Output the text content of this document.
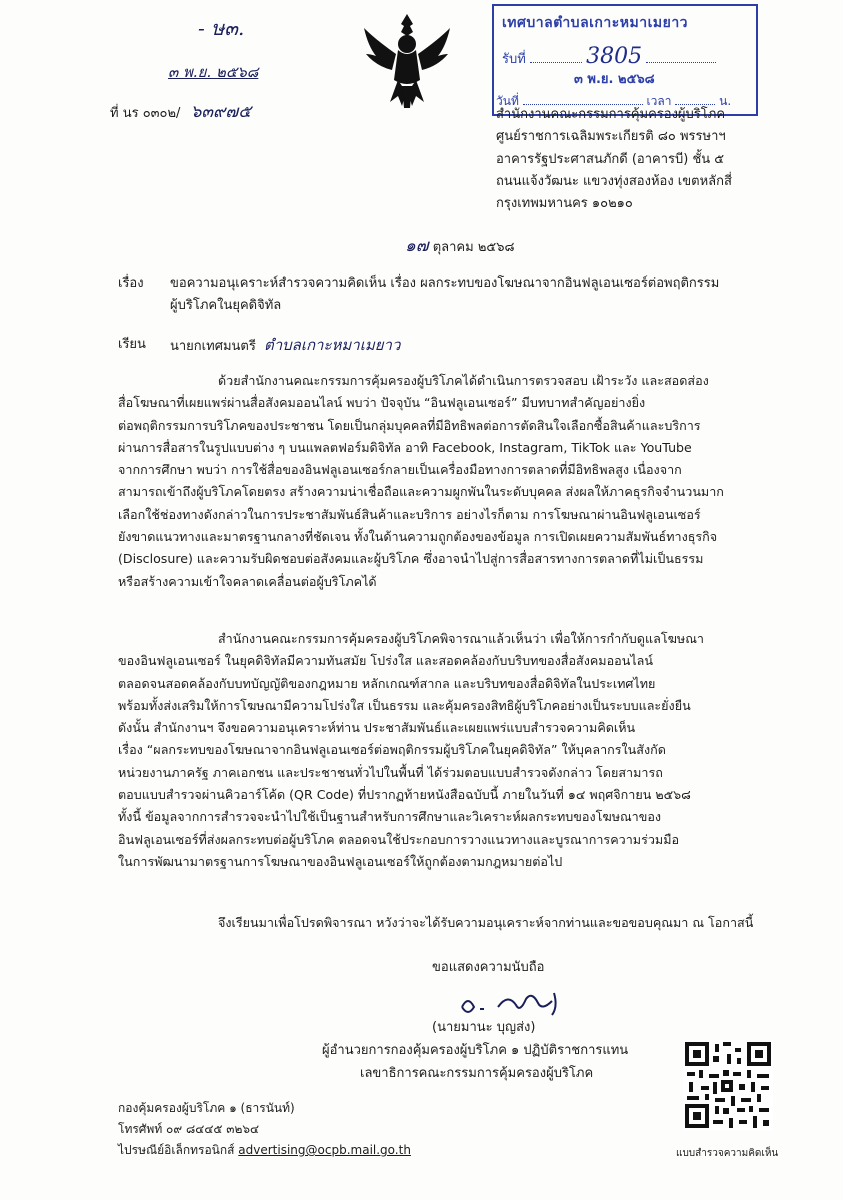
- ษ๓.
๓ พ.ย. ๒๕๖๘
ที่ นร ๐๓๐๒/ ๖๓๙๗๕
เทศบาลตำบลเกาะหมาเมยาว
รับที่	3805
๓ พ.ย. ๒๕๖๘
วันที่	เวลา	น.
สำนักงานคณะกรรมการคุ้มครองผู้บริโภค
ศูนย์ราชการเฉลิมพระเกียรติ ๘๐ พรรษาฯ
อาคารรัฐประศาสนภักดี (อาคารบี) ชั้น ๕
ถนนแจ้งวัฒนะ แขวงทุ่งสองห้อง เขตหลักสี่
กรุงเทพมหานคร ๑๐๒๑๐
๑๗ ตุลาคม ๒๕๖๘
เรื่อง	ขอความอนุเคราะห์สำรวจความคิดเห็น เรื่อง ผลกระทบของโฆษณาจากอินฟลูเอนเซอร์ต่อพฤติกรรม
ผู้บริโภคในยุคดิจิทัล
เรียน นายกเทศมนตรี ตำบลเกาะหมาเมยาว
ด้วยสำนักงานคณะกรรมการคุ้มครองผู้บริโภคได้ดำเนินการตรวจสอบ เฝ้าระวัง และสอดส่อง
สื่อโฆษณาที่เผยแพร่ผ่านสื่อสังคมออนไลน์ พบว่า ปัจจุบัน “อินฟลูเอนเซอร์” มีบทบาทสำคัญอย่างยิ่ง
ต่อพฤติกรรมการบริโภคของประชาชน โดยเป็นกลุ่มบุคคลที่มีอิทธิพลต่อการตัดสินใจเลือกซื้อสินค้าและบริการ
ผ่านการสื่อสารในรูปแบบต่าง ๆ บนแพลตฟอร์มดิจิทัล อาทิ Facebook, Instagram, TikTok และ YouTube
จากการศึกษา พบว่า การใช้สื่อของอินฟลูเอนเซอร์กลายเป็นเครื่องมือทางการตลาดที่มีอิทธิพลสูง เนื่องจาก
สามารถเข้าถึงผู้บริโภคโดยตรง สร้างความน่าเชื่อถือและความผูกพันในระดับบุคคล ส่งผลให้ภาคธุรกิจจำนวนมาก
เลือกใช้ช่องทางดังกล่าวในการประชาสัมพันธ์สินค้าและบริการ อย่างไรก็ตาม การโฆษณาผ่านอินฟลูเอนเซอร์
ยังขาดแนวทางและมาตรฐานกลางที่ชัดเจน ทั้งในด้านความถูกต้องของข้อมูล การเปิดเผยความสัมพันธ์ทางธุรกิจ
(Disclosure) และความรับผิดชอบต่อสังคมและผู้บริโภค ซึ่งอาจนำไปสู่การสื่อสารทางการตลาดที่ไม่เป็นธรรม
หรือสร้างความเข้าใจคลาดเคลื่อนต่อผู้บริโภคได้
สำนักงานคณะกรรมการคุ้มครองผู้บริโภคพิจารณาแล้วเห็นว่า เพื่อให้การกำกับดูแลโฆษณา
ของอินฟลูเอนเซอร์ ในยุคดิจิทัลมีความทันสมัย โปร่งใส และสอดคล้องกับบริบทของสื่อสังคมออนไลน์
ตลอดจนสอดคล้องกับบทบัญญัติของกฎหมาย หลักเกณฑ์สากล และบริบทของสื่อดิจิทัลในประเทศไทย
พร้อมทั้งส่งเสริมให้การโฆษณามีความโปร่งใส เป็นธรรม และคุ้มครองสิทธิผู้บริโภคอย่างเป็นระบบและยั่งยืน
ดังนั้น สำนักงานฯ จึงขอความอนุเคราะห์ท่าน ประชาสัมพันธ์และเผยแพร่แบบสำรวจความคิดเห็น
เรื่อง “ผลกระทบของโฆษณาจากอินฟลูเอนเซอร์ต่อพฤติกรรมผู้บริโภคในยุคดิจิทัล” ให้บุคลากรในสังกัด
หน่วยงานภาครัฐ ภาคเอกชน และประชาชนทั่วไปในพื้นที่ ได้ร่วมตอบแบบสำรวจดังกล่าว โดยสามารถ
ตอบแบบสำรวจผ่านคิวอาร์โค้ด (QR Code) ที่ปรากฏท้ายหนังสือฉบับนี้ ภายในวันที่ ๑๔ พฤศจิกายน ๒๕๖๘
ทั้งนี้ ข้อมูลจากการสำรวจจะนำไปใช้เป็นฐานสำหรับการศึกษาและวิเคราะห์ผลกระทบของโฆษณาของ
อินฟลูเอนเซอร์ที่ส่งผลกระทบต่อผู้บริโภค ตลอดจนใช้ประกอบการวางแนวทางและบูรณาการความร่วมมือ
ในการพัฒนามาตรฐานการโฆษณาของอินฟลูเอนเซอร์ให้ถูกต้องตามกฎหมายต่อไป
จึงเรียนมาเพื่อโปรดพิจารณา หวังว่าจะได้รับความอนุเคราะห์จากท่านและขอขอบคุณมา ณ โอกาสนี้
ขอแสดงความนับถือ
(นายมานะ บุญส่ง)
ผู้อำนวยการกองคุ้มครองผู้บริโภค ๑ ปฏิบัติราชการแทน
เลขาธิการคณะกรรมการคุ้มครองผู้บริโภค
กองคุ้มครองผู้บริโภค ๑ (ธารนันท์)
โทรศัพท์ ๐๙ ๘๔๔๕ ๓๒๖๔
ไปรษณีย์อิเล็กทรอนิกส์ advertising@ocpb.mail.go.th	แบบสำรวจความคิดเห็น
